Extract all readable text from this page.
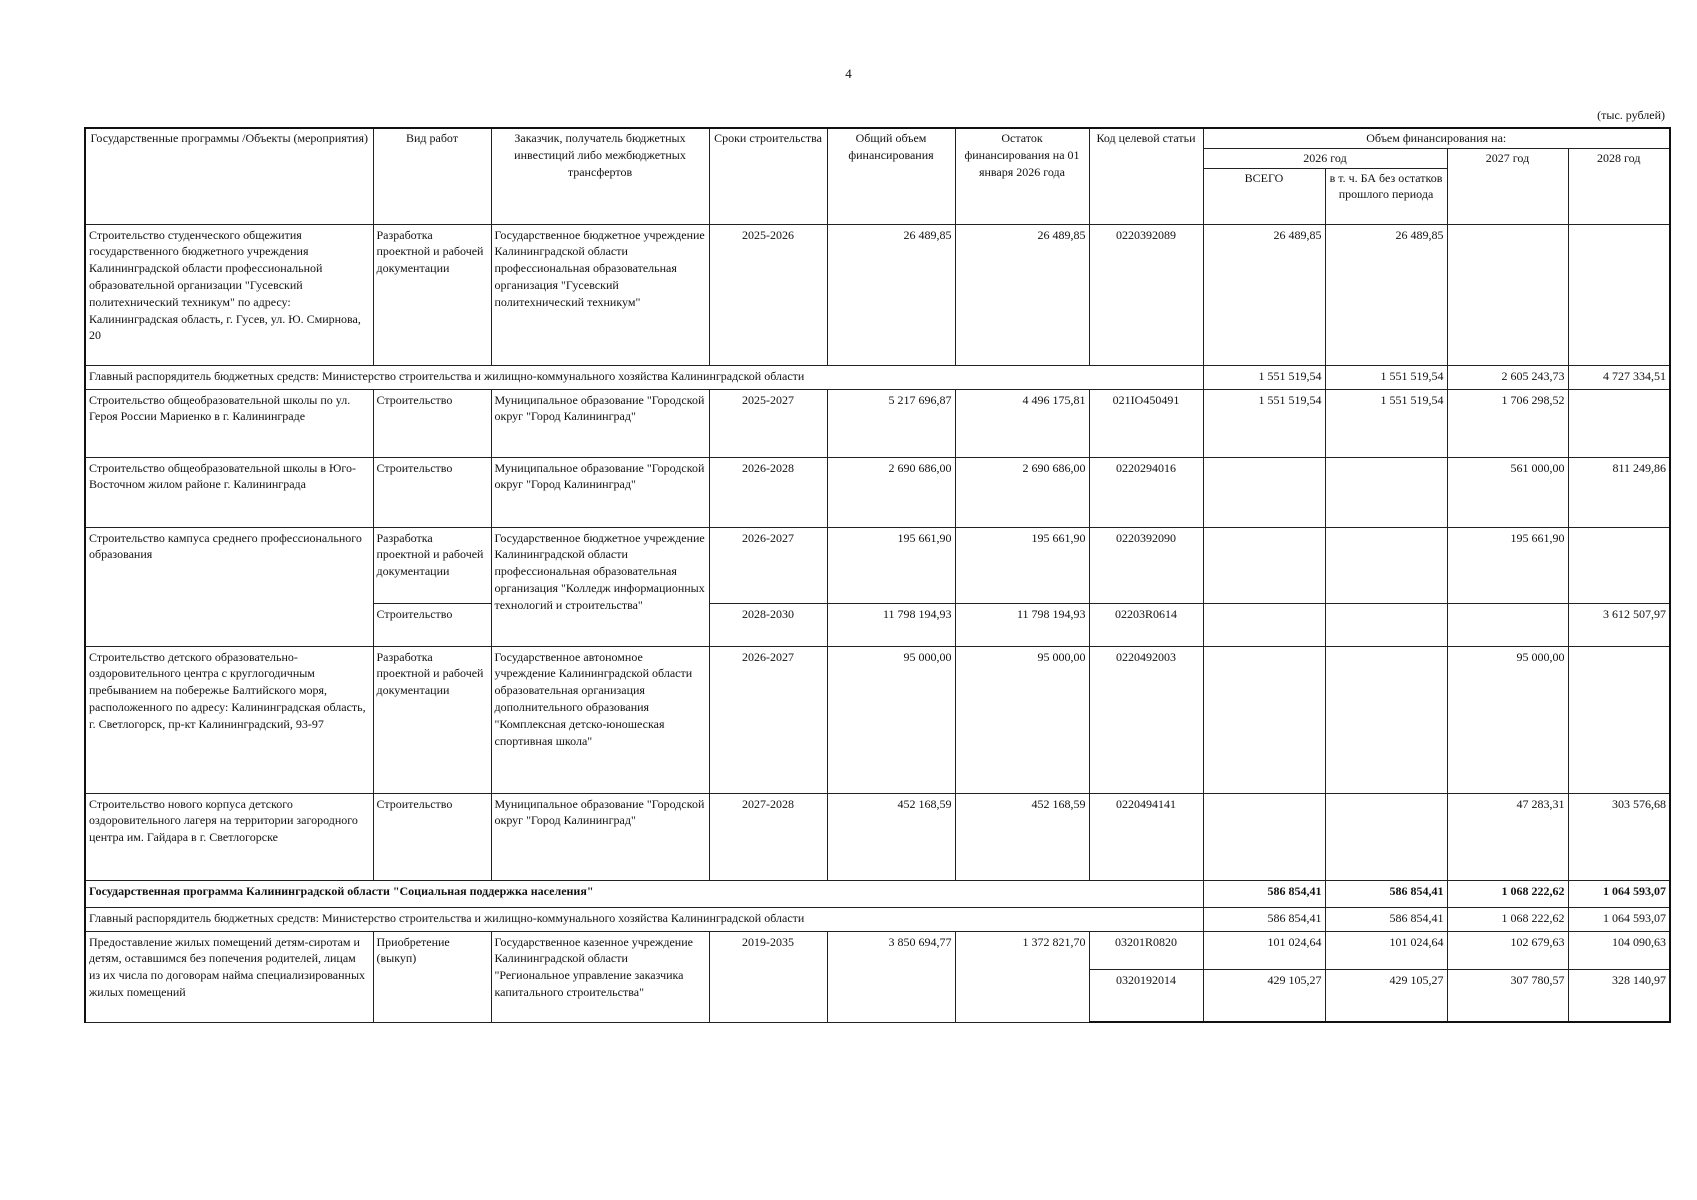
4
(тыс. рублей)
Государственные программы /Объекты (мероприятия)	Вид работ	Заказчик, получатель бюджетных инвестиций либо межбюджетных трансфертов	Сроки строительства	Общий объем финансирования	Остаток финансирования на 01 января 2026 года	Код целевой статьи	Объем финансирования на:			
							2026 год		2027 год	2028 год
							ВСЕГО	в т. ч. БА без остатков прошлого периода		
Строительство студенческого общежития государственного бюджетного учреждения Калининградской области профессиональной образовательной организации "Гусевский политехнический техникум" по адресу: Калининградская область, г. Гусев, ул. Ю. Смирнова, 20	Разработка проектной и рабочей документации	Государственное бюджетное учреждение Калининградской области профессиональная образовательная организация "Гусевский политехнический техникум"	2025-2026	26 489,85	26 489,85	0220392089	26 489,85	26 489,85		
Главный распорядитель бюджетных средств: Министерство строительства и жилищно-коммунального хозяйства Калининградской области							1 551 519,54	1 551 519,54	2 605 243,73	4 727 334,51
Строительство общеобразовательной школы по ул. Героя России Мариенко в г. Калининграде	Строительство	Муниципальное образование "Городской округ "Город Калининград"	2025-2027	5 217 696,87	4 496 175,81	021IO450491	1 551 519,54	1 551 519,54	1 706 298,52	
Строительство общеобразовательной школы в Юго-Восточном жилом районе г. Калининграда	Строительство	Муниципальное образование "Городской округ "Город Калининград"	2026-2028	2 690 686,00	2 690 686,00	0220294016			561 000,00	811 249,86
Строительство кампуса среднего профессионального образования	Разработка проектной и рабочей документации	Государственное бюджетное учреждение Калининградской области профессиональная образовательная организация "Колледж информационных технологий и строительства"	2026-2027	195 661,90	195 661,90	0220392090			195 661,90	
	Строительство		2028-2030	11 798 194,93	11 798 194,93	02203R0614				3 612 507,97
Строительство детского образовательно-оздоровительного центра с круглогодичным пребыванием на побережье Балтийского моря, расположенного по адресу: Калининградская область, г. Светлогорск, пр-кт Калининградский, 93-97	Разработка проектной и рабочей документации	Государственное автономное учреждение Калининградской области образовательная организация дополнительного образования "Комплексная детско-юношеская спортивная школа"	2026-2027	95 000,00	95 000,00	0220492003			95 000,00	
Строительство нового корпуса детского оздоровительного лагеря на территории загородного центра им. Гайдара в г. Светлогорске	Строительство	Муниципальное образование "Городской округ "Город Калининград"	2027-2028	452 168,59	452 168,59	0220494141			47 283,31	303 576,68
Государственная программа Калининградской области "Социальная поддержка населения"							586 854,41	586 854,41	1 068 222,62	1 064 593,07
Главный распорядитель бюджетных средств: Министерство строительства и жилищно-коммунального хозяйства Калининградской области							586 854,41	586 854,41	1 068 222,62	1 064 593,07
Предоставление жилых помещений детям-сиротам и детям, оставшимся без попечения родителей, лицам из их числа по договорам найма специализированных жилых помещений	Приобретение (выкуп)	Государственное казенное учреждение Калининградской области "Региональное управление заказчика капитального строительства"	2019-2035	3 850 694,77	1 372 821,70	03201R0820	101 024,64	101 024,64	102 679,63	104 090,63
						0320192014	429 105,27	429 105,27	307 780,57	328 140,97
